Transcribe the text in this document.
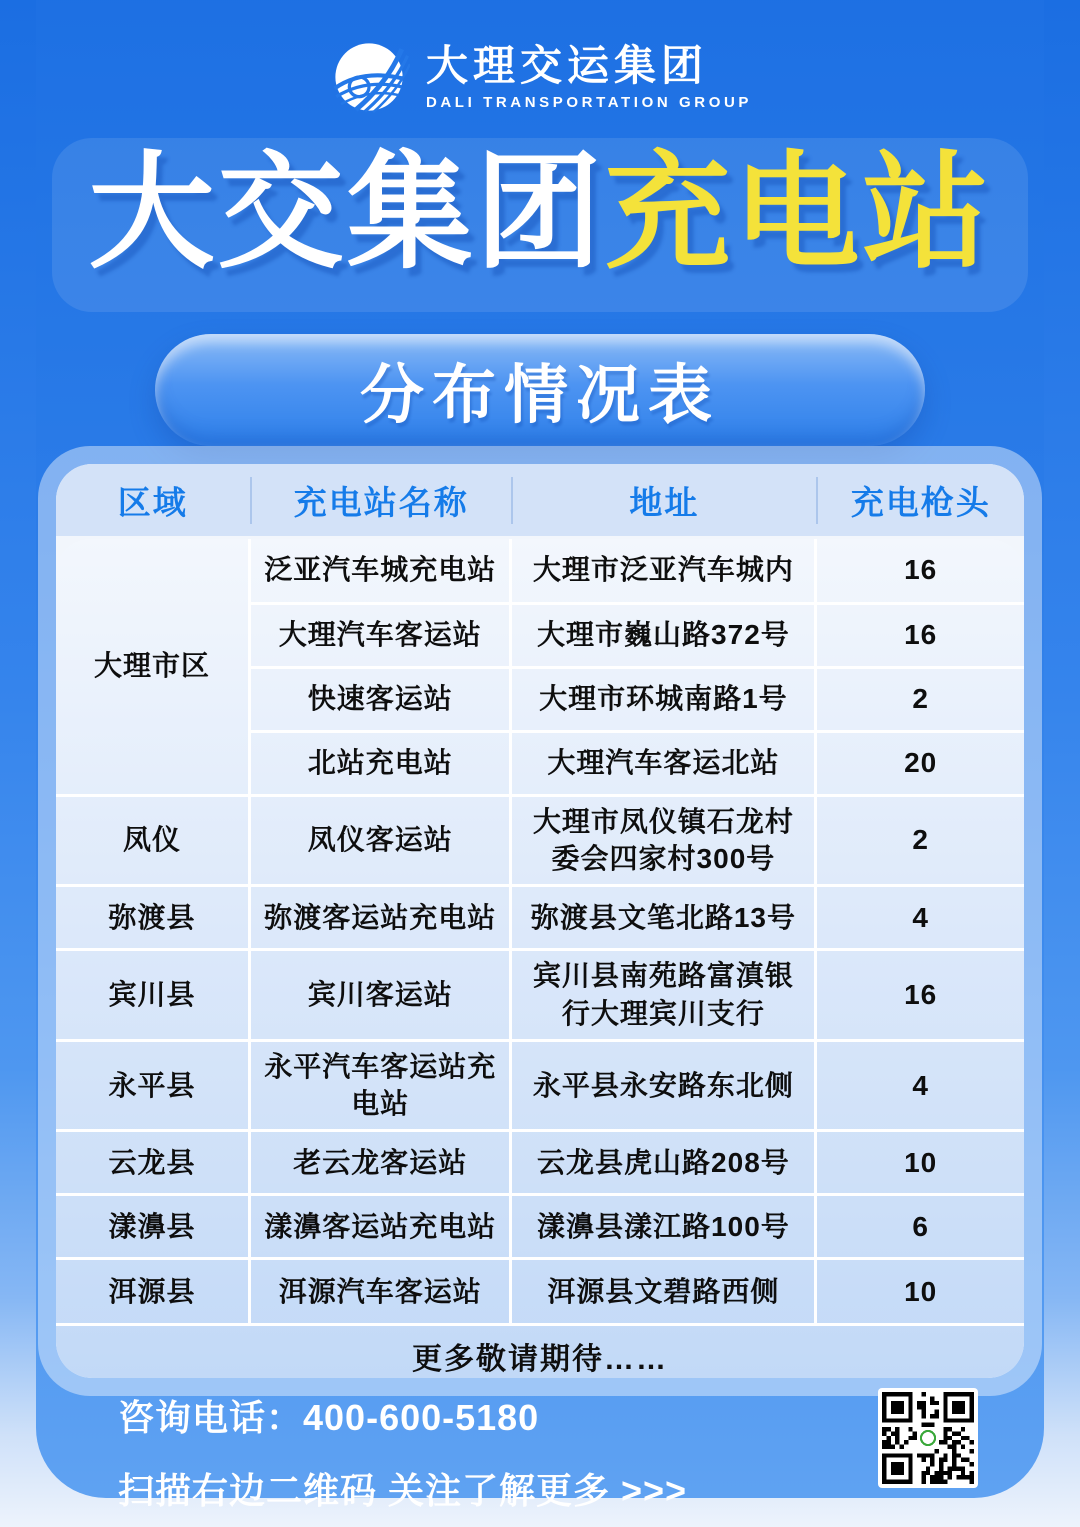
大理交运集团
DALI TRANSPORTATION GROUP
大交集团充电站
分布情况表
区域	充电站名称	地址	充电枪头
大理市区	泛亚汽车城充电站	大理市泛亚汽车城内	16
	大理汽车客运站	大理市巍山路372号	16
	快速客运站	大理市环城南路1号	2
	北站充电站	大理汽车客运北站	20
凤仪	凤仪客运站	大理市凤仪镇石龙村委会四家村300号	2
弥渡县	弥渡客运站充电站	弥渡县文笔北路13号	4
宾川县	宾川客运站	宾川县南苑路富滇银行大理宾川支行	16
永平县	永平汽车客运站充电站	永平县永安路东北侧	4
云龙县	老云龙客运站	云龙县虎山路208号	10
漾濞县	漾濞客运站充电站	漾濞县漾江路100号	6
洱源县	洱源汽车客运站	洱源县文碧路西侧	10
更多敬请期待……
咨询电话：400-600-5180
扫描右边二维码 关注了解更多 >>>
